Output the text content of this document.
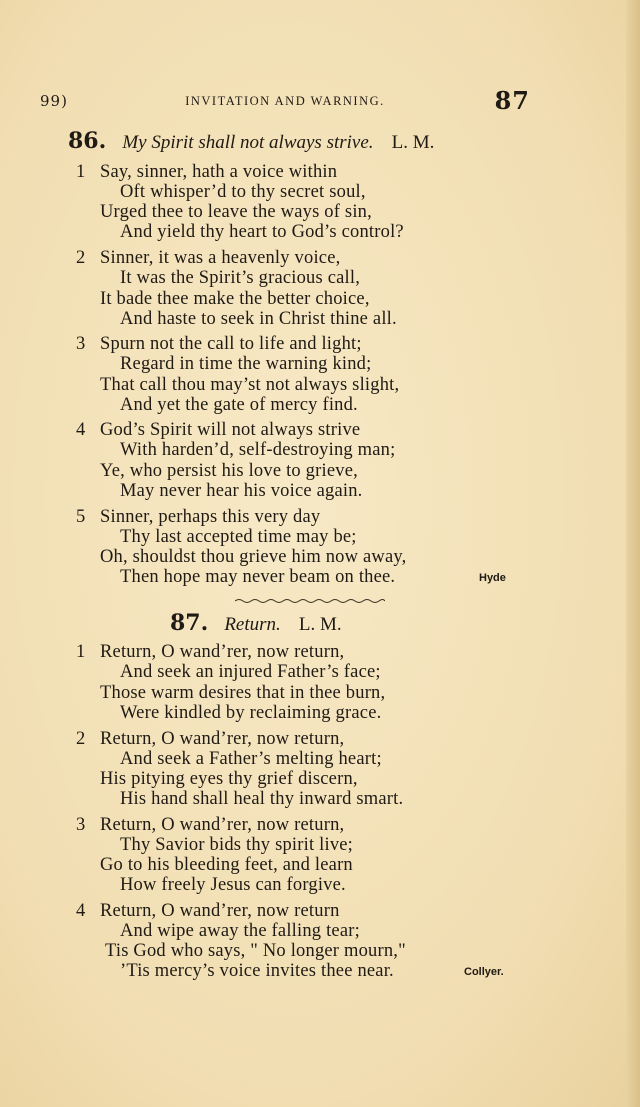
99)	INVITATION AND WARNING.	87
86. My Spirit shall not always strive. L. M.
1 Say, sinner, hath a voice within
Oft whisper’d to thy secret soul,
Urged thee to leave the ways of sin,
And yield thy heart to God’s control?
2 Sinner, it was a heavenly voice,
It was the Spirit’s gracious call,
It bade thee make the better choice,
And haste to seek in Christ thine all.
3 Spurn not the call to life and light;
Regard in time the warning kind;
That call thou may’st not always slight,
And yet the gate of mercy find.
4 God’s Spirit will not always strive
With harden’d, self-destroying man;
Ye, who persist his love to grieve,
May never hear his voice again.
5 Sinner, perhaps this very day
Thy last accepted time may be;
Oh, shouldst thou grieve him now away,
Then hope may never beam on thee.	Hyde
87. Return. L. M.
1 Return, O wand’rer, now return,
And seek an injured Father’s face;
Those warm desires that in thee burn,
Were kindled by reclaiming grace.
2 Return, O wand’rer, now return,
And seek a Father’s melting heart;
His pitying eyes thy grief discern,
His hand shall heal thy inward smart.
3 Return, O wand’rer, now return,
Thy Savior bids thy spirit live;
Go to his bleeding feet, and learn
How freely Jesus can forgive.
4 Return, O wand’rer, now return
And wipe away the falling tear;
Tis God who says, " No longer mourn,"
’Tis mercy’s voice invites thee near.	Collyer.
